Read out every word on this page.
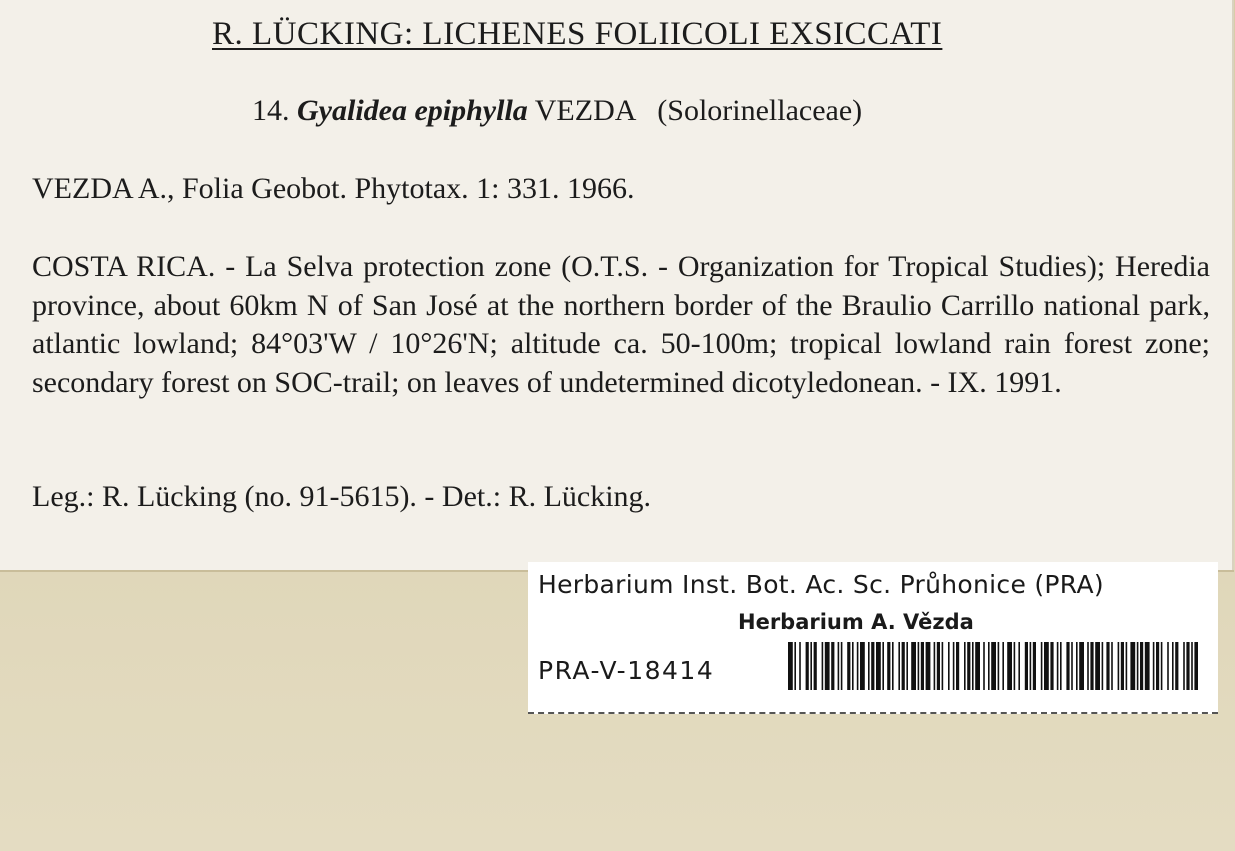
R. LÜCKING: LICHENES FOLIICOLI EXSICCATI
14. Gyalidea epiphylla VEZDA (Solorinellaceae)
VEZDA A., Folia Geobot. Phytotax. 1: 331. 1966.
COSTA RICA. - La Selva protection zone (O.T.S. - Organization for Tropical Studies); Heredia province, about 60km N of San José at the northern border of the Braulio Carrillo national park, atlantic lowland; 84°03'W / 10°26'N; altitude ca. 50-100m; tropical lowland rain forest zone; secondary forest on SOC-trail; on leaves of undetermined dicotyledonean. - IX. 1991.
Leg.: R. Lücking (no. 91-5615). - Det.: R. Lücking.
Herbarium Inst. Bot. Ac. Sc. Průhonice (PRA)
Herbarium A. Vězda
PRA-V-18414
